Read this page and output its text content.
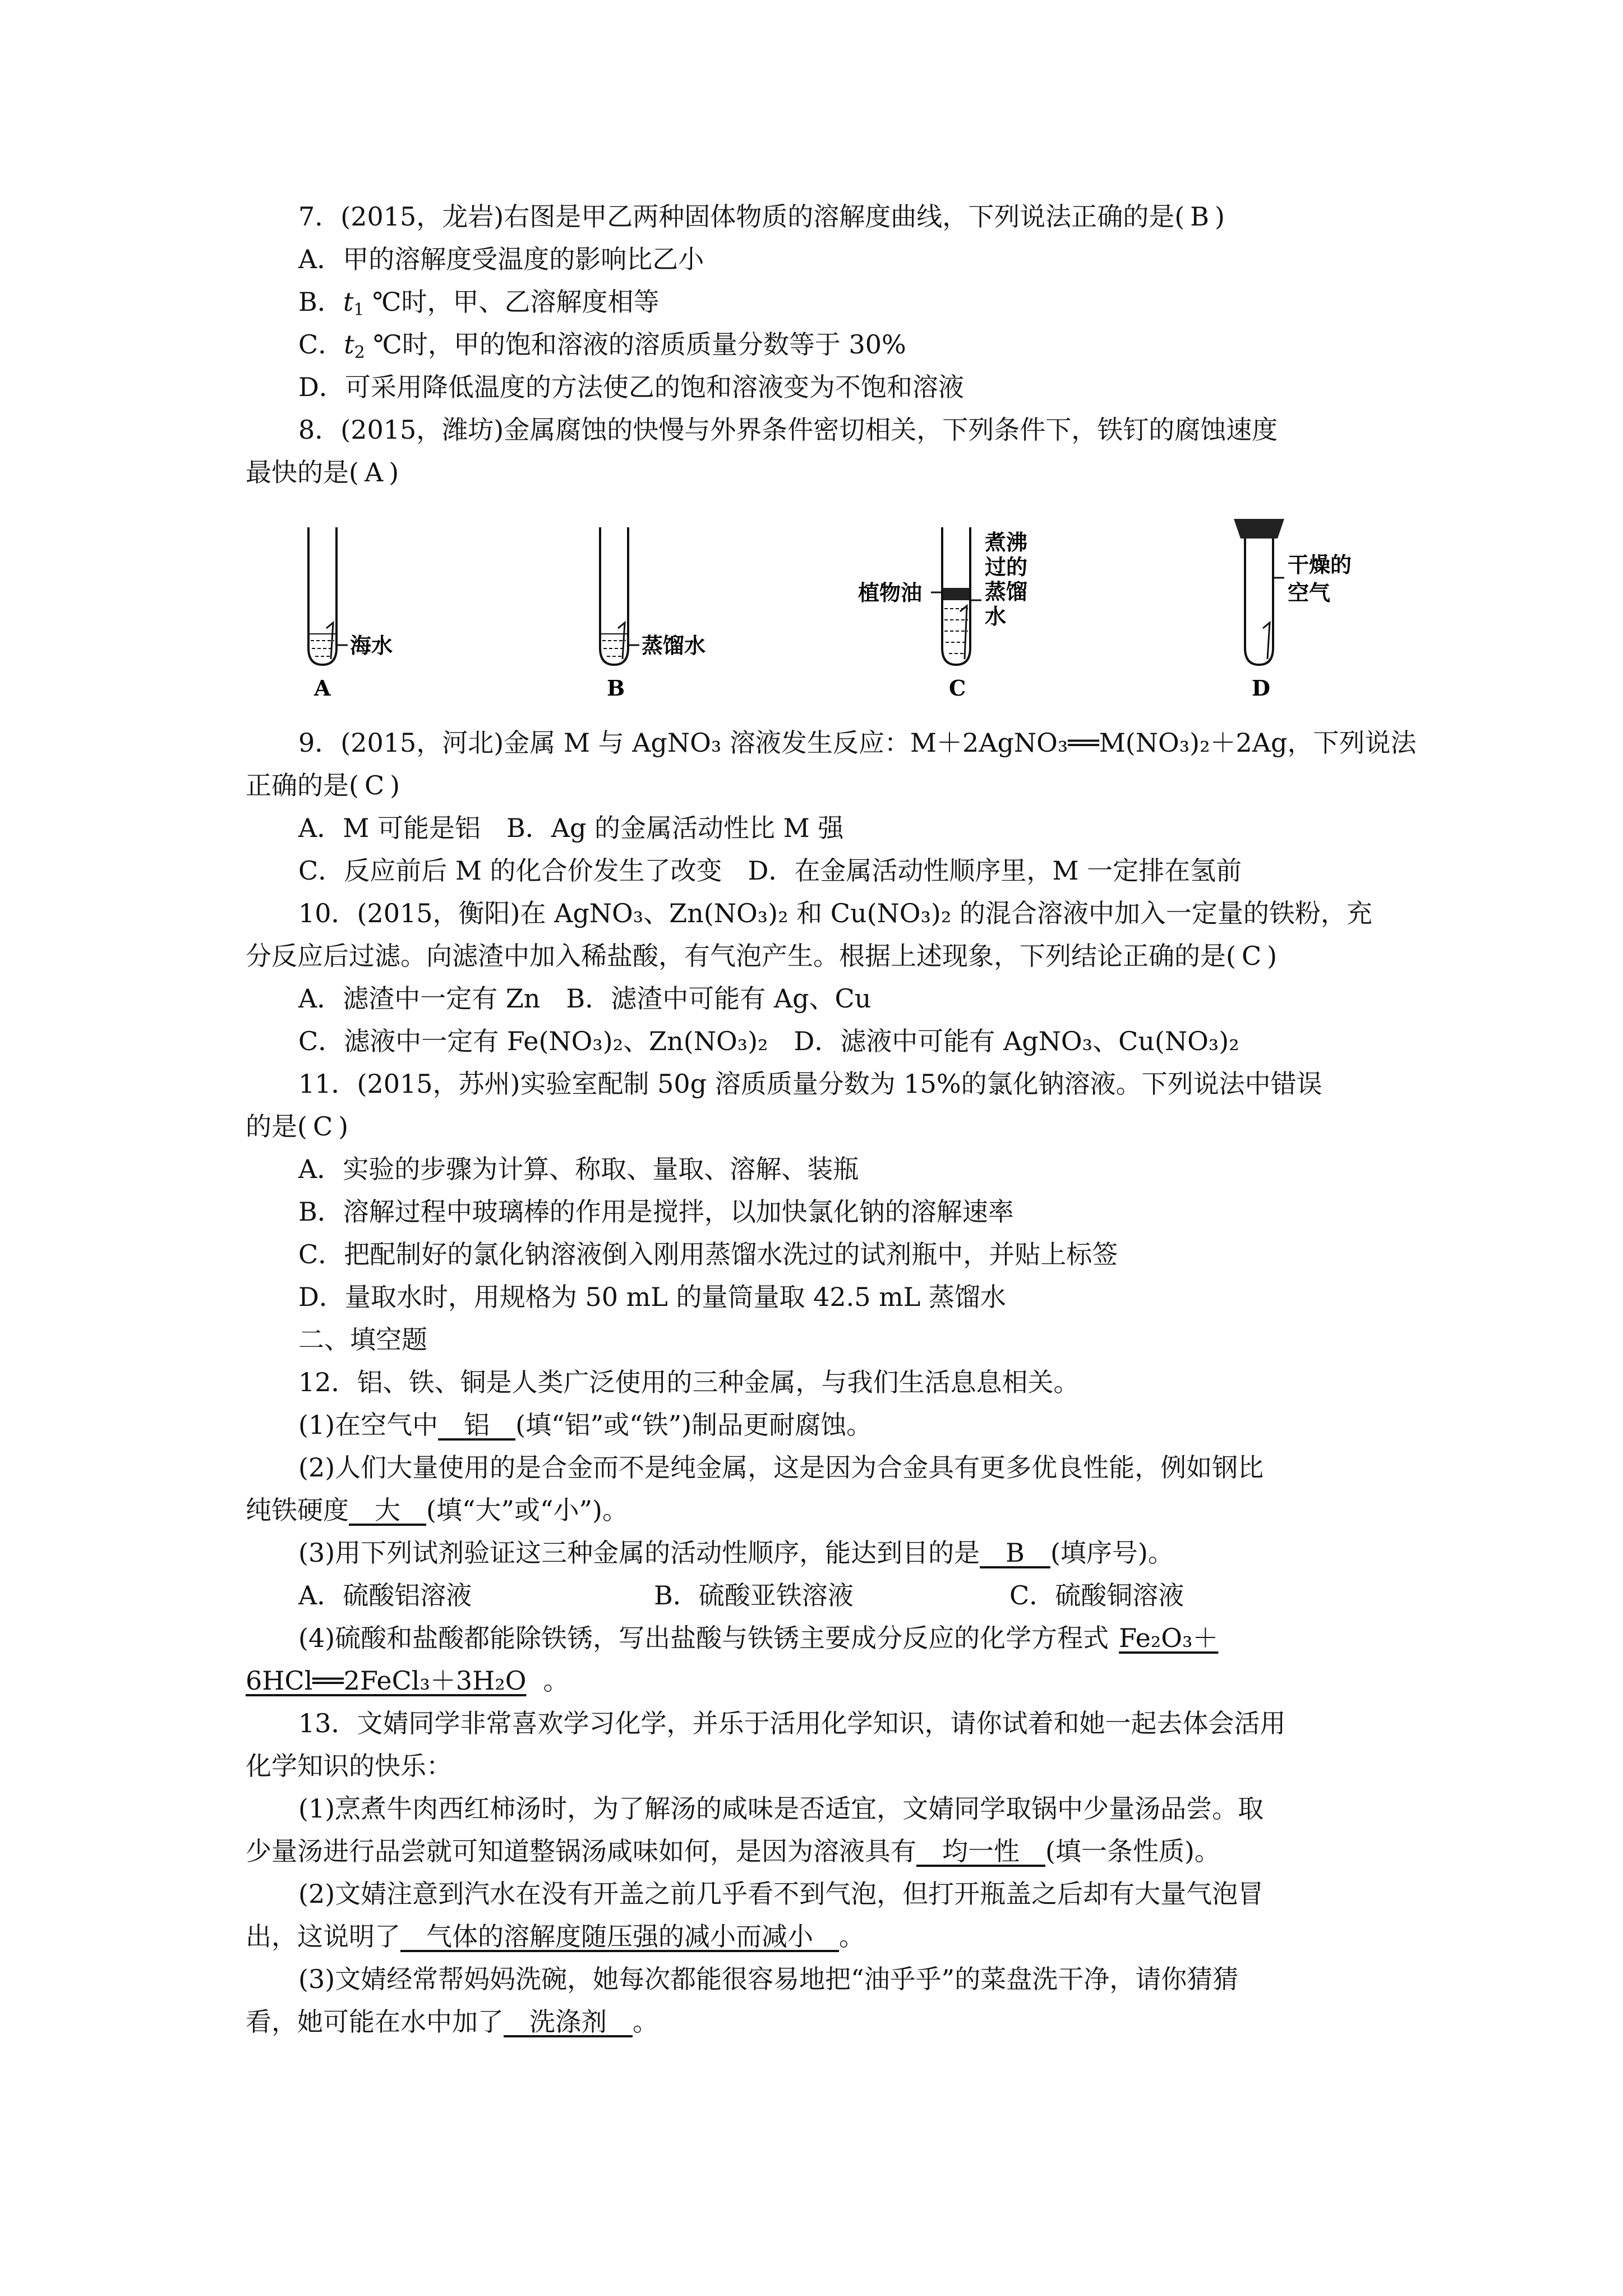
7．(2015，龙岩)右图是甲乙两种固体物质的溶解度曲线，下列说法正确的是( B )
A．甲的溶解度受温度的影响比乙小
B．t1 ℃时，甲、乙溶解度相等
C．t2 ℃时，甲的饱和溶液的溶质质量分数等于 30%
D．可采用降低温度的方法使乙的饱和溶液变为不饱和溶液
8．(2015，潍坊)金属腐蚀的快慢与外界条件密切相关，下列条件下，铁钉的腐蚀速度
最快的是( A )
海水
A
蒸馏水
B
植物油
煮沸
过的
蒸馏
水
C
干燥的
空气
D
9．(2015，河北)金属 M 与 AgNO₃ 溶液发生反应：M＋2AgNO₃══M(NO₃)₂＋2Ag，下列说法
正确的是( C )
A．M 可能是铝　B．Ag 的金属活动性比 M 强
C．反应前后 M 的化合价发生了改变　D．在金属活动性顺序里，M 一定排在氢前
10．(2015，衡阳)在 AgNO₃、Zn(NO₃)₂ 和 Cu(NO₃)₂ 的混合溶液中加入一定量的铁粉，充
分反应后过滤。向滤渣中加入稀盐酸，有气泡产生。根据上述现象，下列结论正确的是( C )
A．滤渣中一定有 Zn　B．滤渣中可能有 Ag、Cu
C．滤液中一定有 Fe(NO₃)₂、Zn(NO₃)₂　D．滤液中可能有 AgNO₃、Cu(NO₃)₂
11．(2015，苏州)实验室配制 50g 溶质质量分数为 15%的氯化钠溶液。下列说法中错误
的是( C )
A．实验的步骤为计算、称取、量取、溶解、装瓶
B．溶解过程中玻璃棒的作用是搅拌，以加快氯化钠的溶解速率
C．把配制好的氯化钠溶液倒入刚用蒸馏水洗过的试剂瓶中，并贴上标签
D．量取水时，用规格为 50 mL 的量筒量取 42.5 mL 蒸馏水
二、填空题
12．铝、铁、铜是人类广泛使用的三种金属，与我们生活息息相关。
(1)在空气中　铝　(填“铝”或“铁”)制品更耐腐蚀。
(2)人们大量使用的是合金而不是纯金属，这是因为合金具有更多优良性能，例如钢比
纯铁硬度　大　(填“大”或“小”)。
(3)用下列试剂验证这三种金属的活动性顺序，能达到目的是　B　(填序号)。
A．硫酸铝溶液	B．硫酸亚铁溶液	C．硫酸铜溶液
(4)硫酸和盐酸都能除铁锈，写出盐酸与铁锈主要成分反应的化学方程式 Fe₂O₃＋
6HCl══2FeCl₃＋3H₂O 。
13．文婧同学非常喜欢学习化学，并乐于活用化学知识，请你试着和她一起去体会活用
化学知识的快乐：
(1)烹煮牛肉西红柿汤时，为了解汤的咸味是否适宜，文婧同学取锅中少量汤品尝。取
少量汤进行品尝就可知道整锅汤咸味如何，是因为溶液具有　均一性　(填一条性质)。
(2)文婧注意到汽水在没有开盖之前几乎看不到气泡，但打开瓶盖之后却有大量气泡冒
出，这说明了　气体的溶解度随压强的减小而减小　。
(3)文婧经常帮妈妈洗碗，她每次都能很容易地把“油乎乎”的菜盘洗干净，请你猜猜
看，她可能在水中加了　洗涤剂　。
